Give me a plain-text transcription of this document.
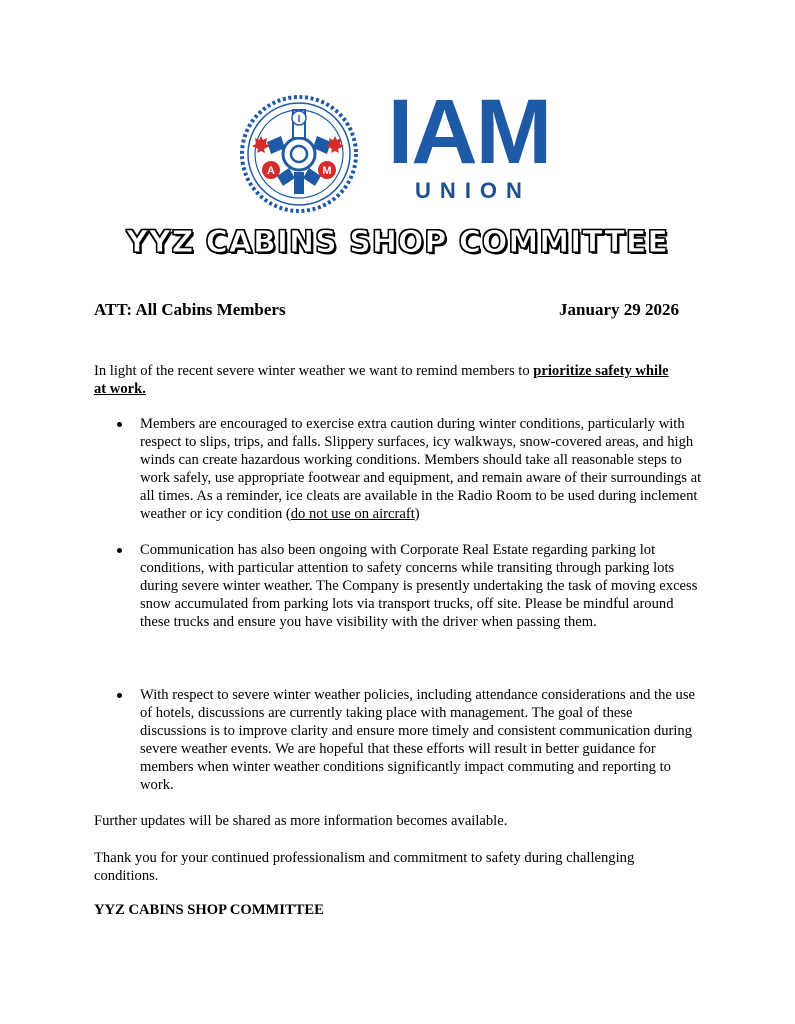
I
A	M IAM
UNION
YYZ CABINS SHOP COMMITTEE
ATT: All Cabins Members	January 29 2026
In light of the recent severe winter weather we want to remind members to prioritize safety while at work.
Members are encouraged to exercise extra caution during winter conditions, particularly with respect to slips, trips, and falls. Slippery surfaces, icy walkways, snow-covered areas, and high winds can create hazardous working conditions. Members should take all reasonable steps to work safely, use appropriate footwear and equipment, and remain aware of their surroundings at all times. As a reminder, ice cleats are available in the Radio Room to be used during inclement weather or icy condition (do not use on aircraft)
Communication has also been ongoing with Corporate Real Estate regarding parking lot conditions, with particular attention to safety concerns while transiting through parking lots during severe winter weather. The Company is presently undertaking the task of moving excess snow accumulated from parking lots via transport trucks, off site. Please be mindful around these trucks and ensure you have visibility with the driver when passing them.
With respect to severe winter weather policies, including attendance considerations and the use of hotels, discussions are currently taking place with management. The goal of these discussions is to improve clarity and ensure more timely and consistent communication during severe weather events. We are hopeful that these efforts will result in better guidance for members when winter weather conditions significantly impact commuting and reporting to work.
Further updates will be shared as more information becomes available.
Thank you for your continued professionalism and commitment to safety during challenging conditions.
YYZ CABINS SHOP COMMITTEE
